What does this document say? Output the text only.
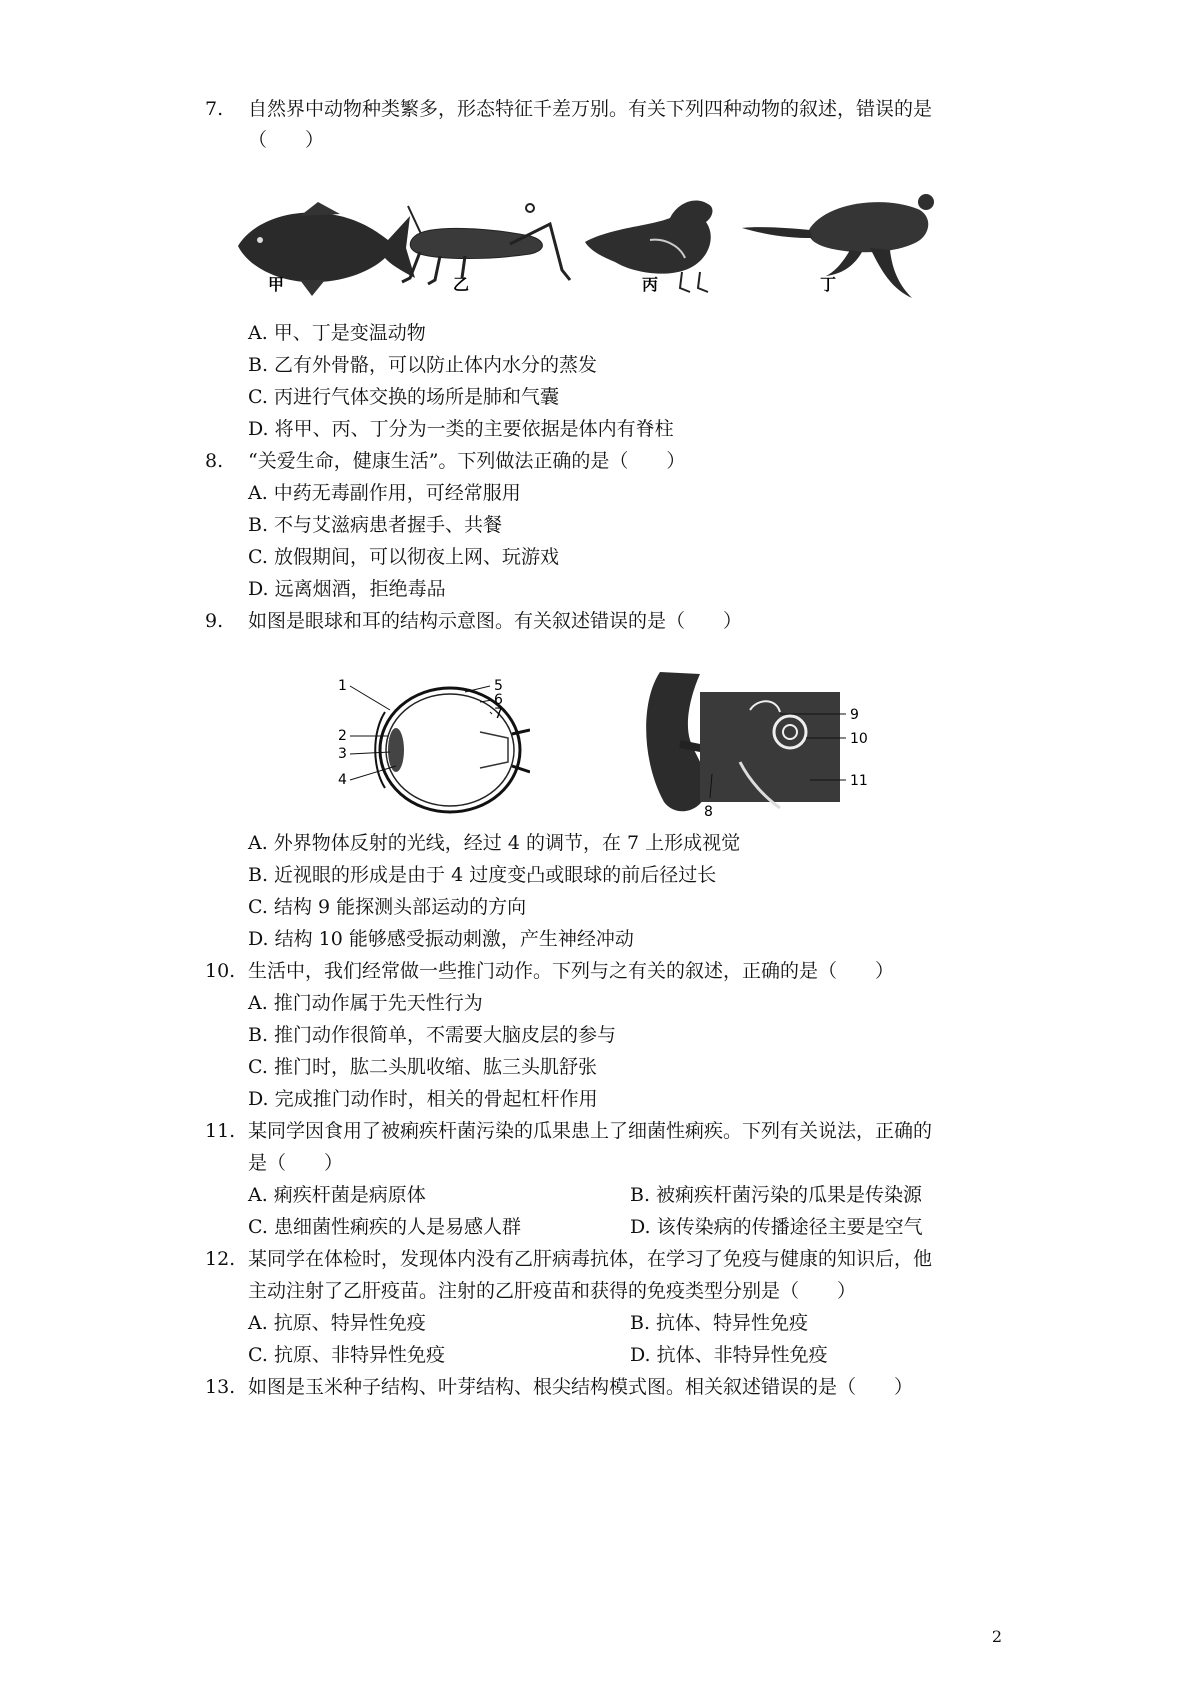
7. 自然界中动物种类繁多，形态特征千差万别。有关下列四种动物的叙述，错误的是
（　　）
甲	乙	丙	丁
A. 甲、丁是变温动物
B. 乙有外骨骼，可以防止体内水分的蒸发
C. 丙进行气体交换的场所是肺和气囊
D. 将甲、丙、丁分为一类的主要依据是体内有脊柱
8. “关爱生命，健康生活”。下列做法正确的是（　　）
A. 中药无毒副作用，可经常服用
B. 不与艾滋病患者握手、共餐
C. 放假期间，可以彻夜上网、玩游戏
D. 远离烟酒，拒绝毒品
9. 如图是眼球和耳的结构示意图。有关叙述错误的是（　　）
1
2
3
4
5
6
7	9
10
11
8
A. 外界物体反射的光线，经过 4 的调节，在 7 上形成视觉
B. 近视眼的形成是由于 4 过度变凸或眼球的前后径过长
C. 结构 9 能探测头部运动的方向
D. 结构 10 能够感受振动刺激，产生神经冲动
10. 生活中，我们经常做一些推门动作。下列与之有关的叙述，正确的是（　　）
A. 推门动作属于先天性行为
B. 推门动作很简单，不需要大脑皮层的参与
C. 推门时，肱二头肌收缩、肱三头肌舒张
D. 完成推门动作时，相关的骨起杠杆作用
11. 某同学因食用了被痢疾杆菌污染的瓜果患上了细菌性痢疾。下列有关说法，正确的
是（　　）
A. 痢疾杆菌是病原体	B. 被痢疾杆菌污染的瓜果是传染源
C. 患细菌性痢疾的人是易感人群	D. 该传染病的传播途径主要是空气
12. 某同学在体检时，发现体内没有乙肝病毒抗体，在学习了免疫与健康的知识后，他
主动注射了乙肝疫苗。注射的乙肝疫苗和获得的免疫类型分别是（　　）
A. 抗原、特异性免疫	B. 抗体、特异性免疫
C. 抗原、非特异性免疫	D. 抗体、非特异性免疫
13. 如图是玉米种子结构、叶芽结构、根尖结构模式图。相关叙述错误的是（　　）
2
